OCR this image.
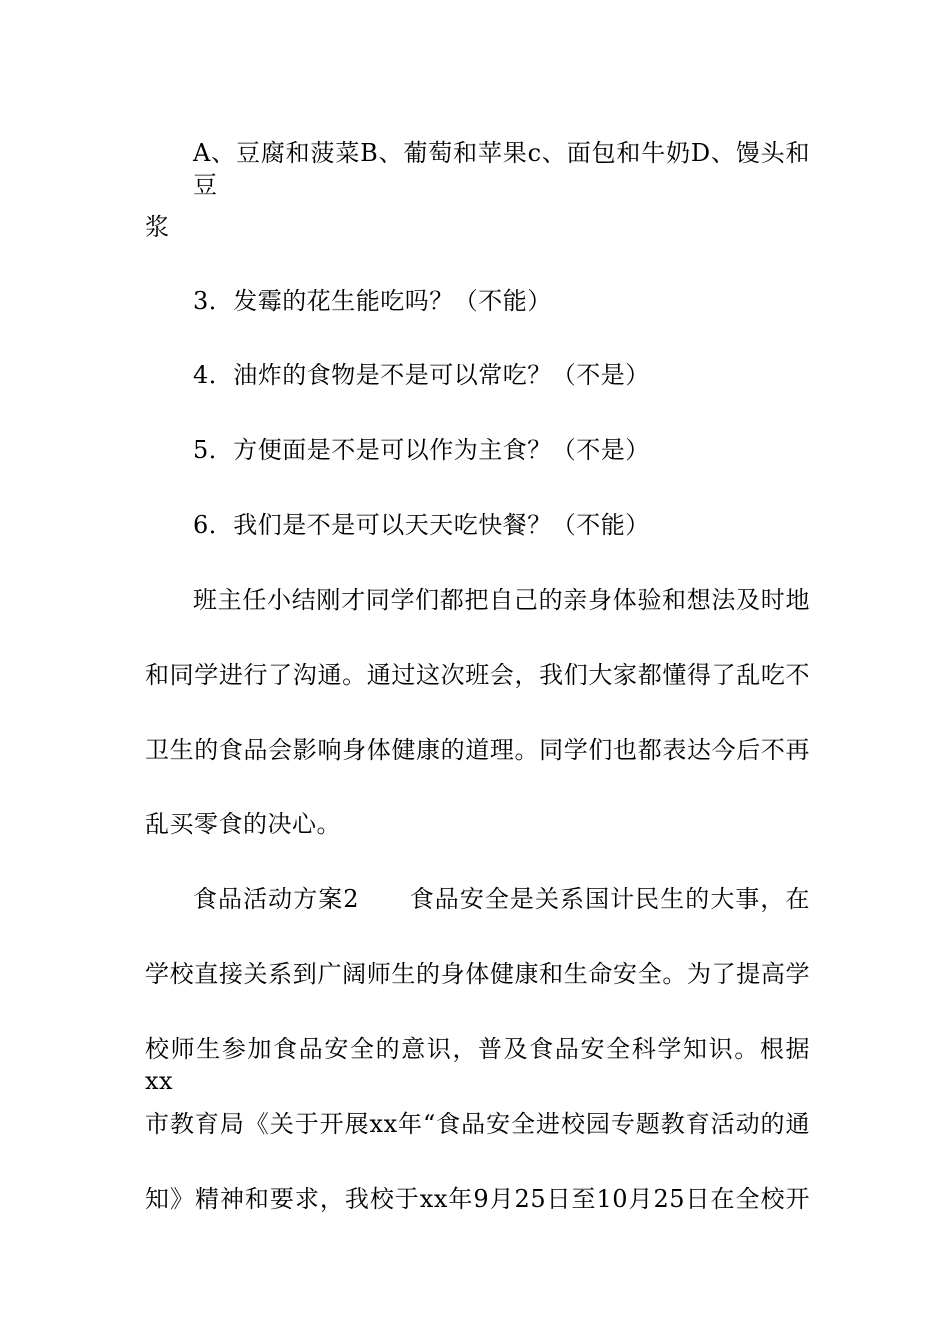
A、豆腐和菠菜B、葡萄和苹果c、面包和牛奶D、馒头和豆
浆
3．发霉的花生能吃吗？（不能）
4．油炸的食物是不是可以常吃？（不是）
5．方便面是不是可以作为主食？（不是）
6．我们是不是可以天天吃快餐？（不能）
班主任小结刚才同学们都把自己的亲身体验和想法及时地
和同学进行了沟通。通过这次班会，我们大家都懂得了乱吃不
卫生的食品会影响身体健康的道理。同学们也都表达今后不再
乱买零食的决心。
食品活动方案2　　食品安全是关系国计民生的大事，在
学校直接关系到广阔师生的身体健康和生命安全。为了提高学
校师生参加食品安全的意识，普及食品安全科学知识。根据xx
市教育局《关于开展xx年“食品安全进校园专题教育活动的通
知》精神和要求，我校于xx年9月25日至10月25日在全校开
